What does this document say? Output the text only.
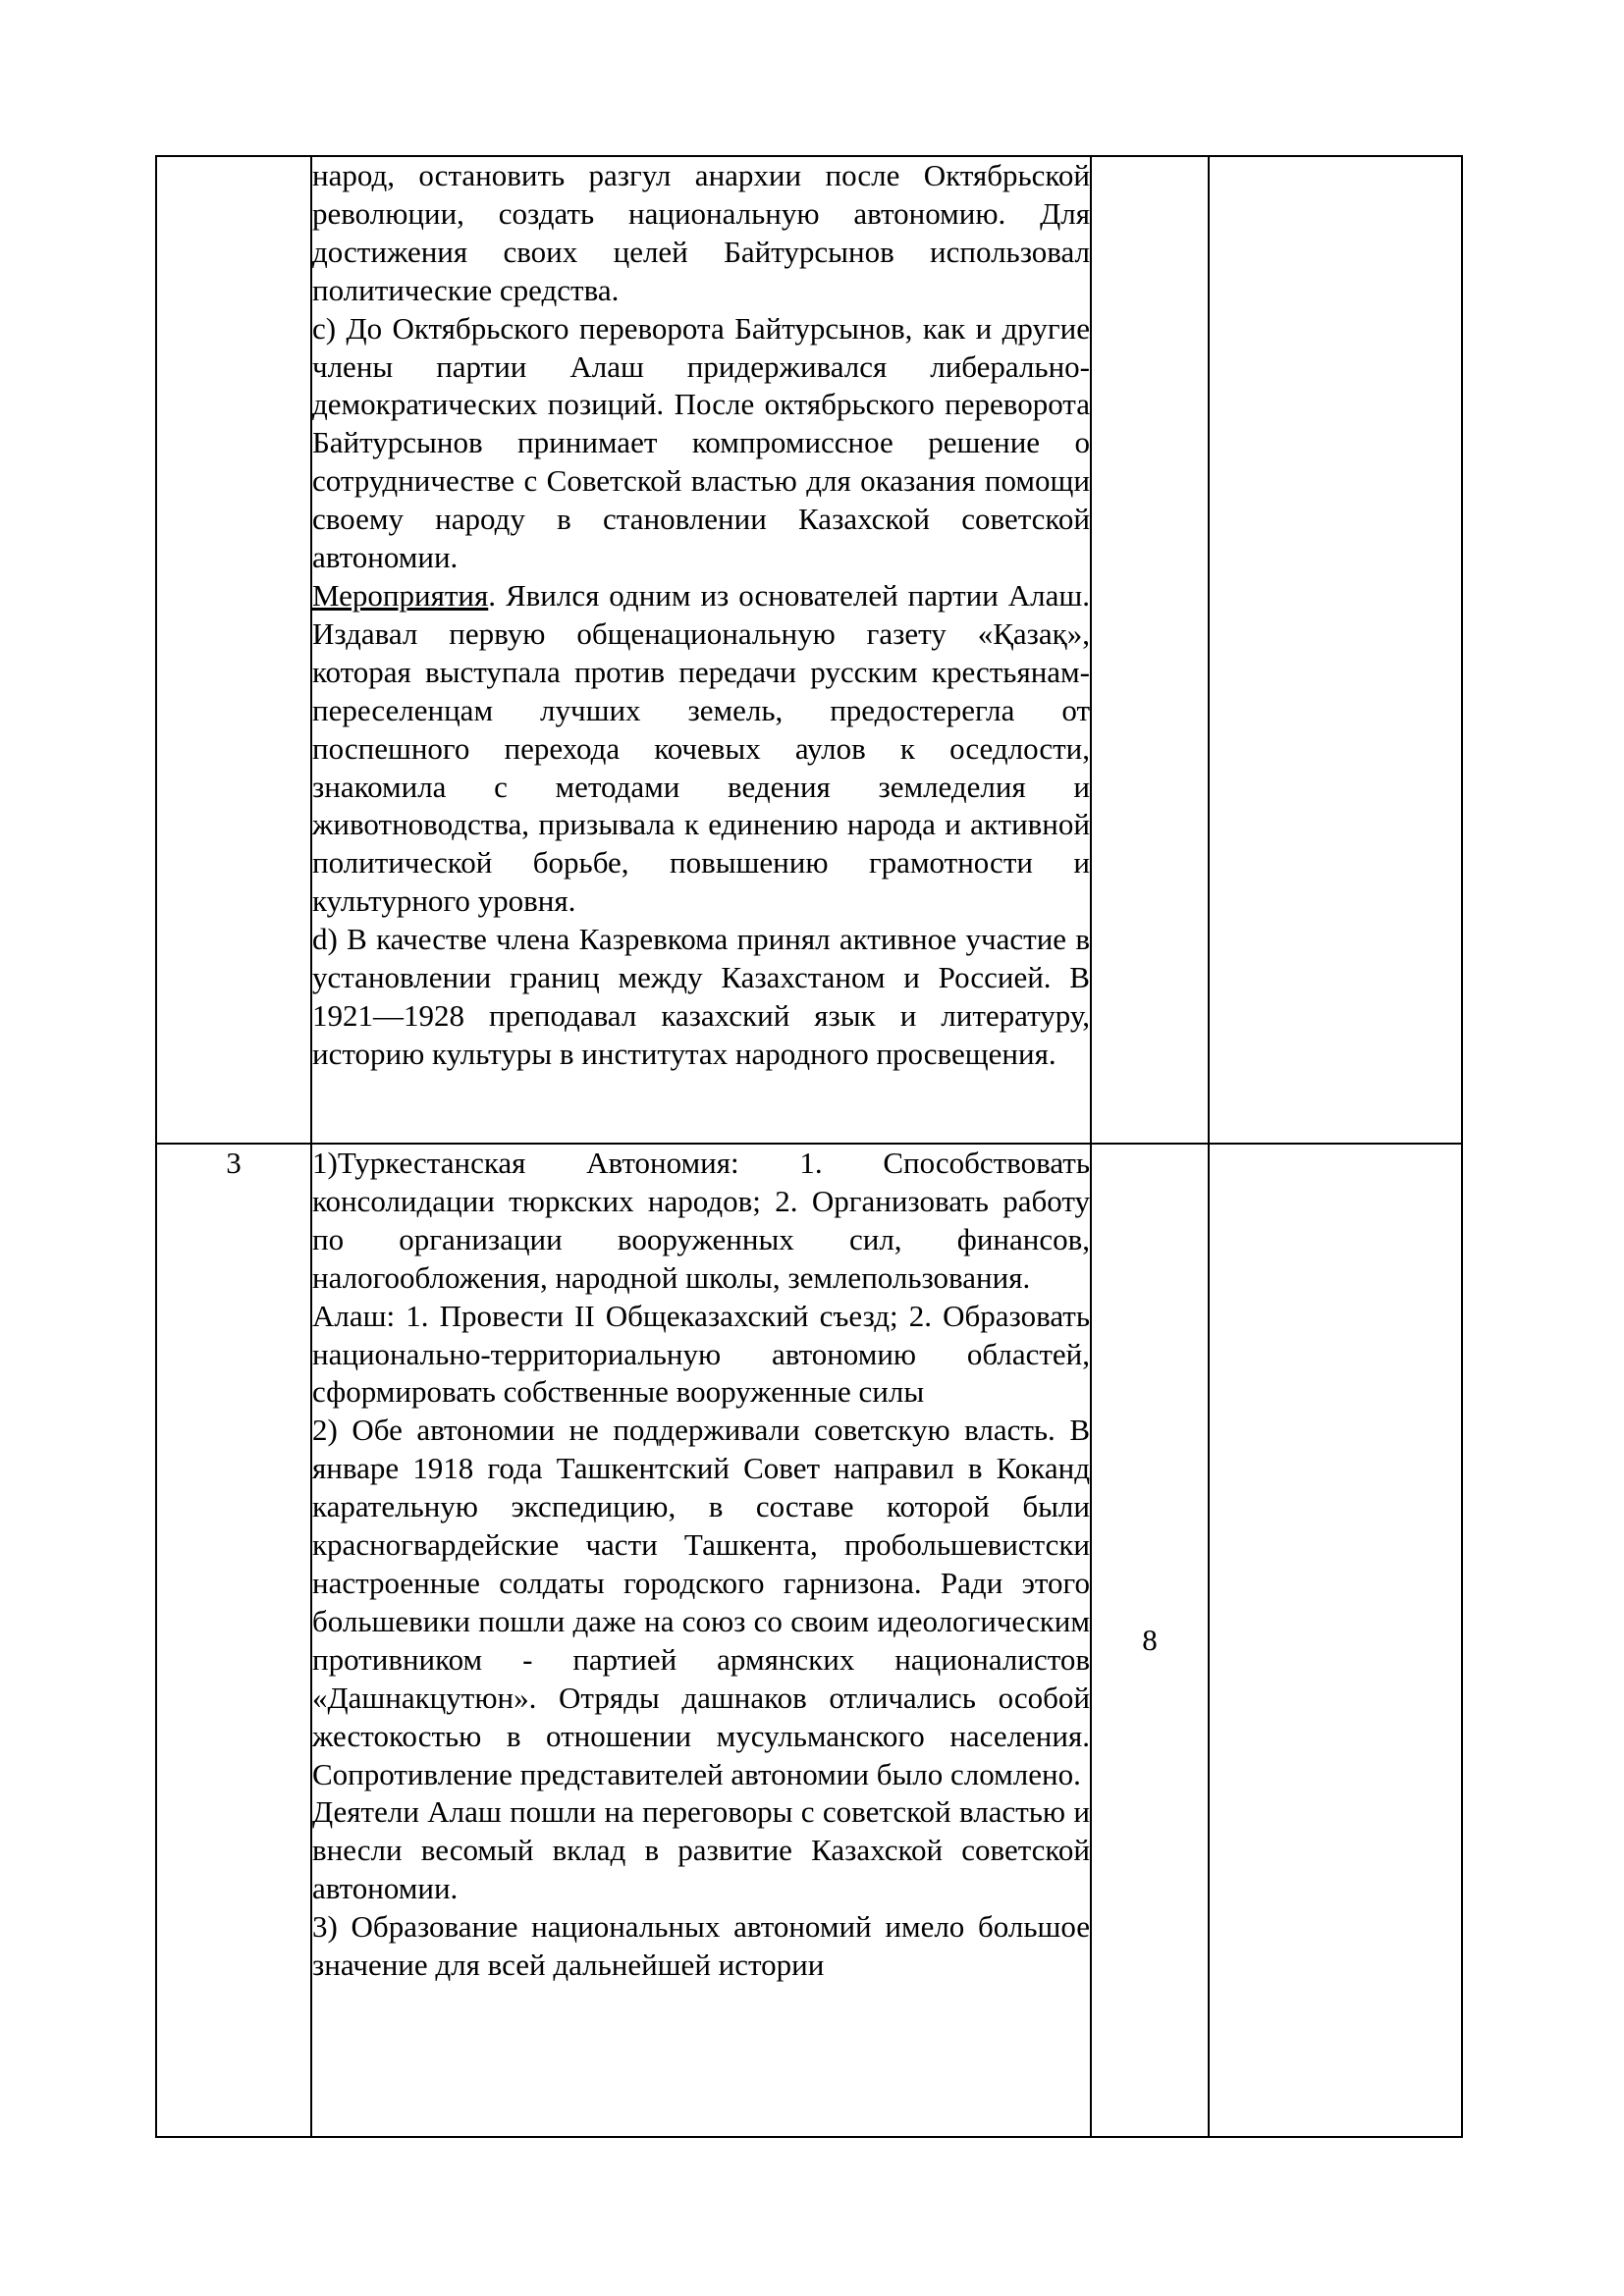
	народ, остановить разгул анархии после Октябрьской революции, создать национальную автономию. Для достижения своих целей Байтурсынов использовал политические средства.

c) До Октябрьского переворота Байтурсынов, как и другие члены партии Алаш придерживался либерально-демократических позиций. После октябрьского переворота Байтурсынов принимает компромиссное решение о сотрудничестве с Советской властью для оказания помощи своему народу в становлении Казахской советской автономии.

Мероприятия. Явился одним из основателей партии Алаш. Издавал первую общенациональную газету «Қазақ», которая выступала против передачи русским крестьянам-переселенцам лучших земель, предостерегла от поспешного перехода кочевых аулов к оседлости, знакомила с методами ведения земледелия и животноводства, призывала к единению народа и активной политической борьбе, повышению грамотности и культурного уровня.

d) В качестве члена Казревкома принял активное участие в установлении границ между Казахстаном и Россией. В 1921—1928 преподавал казахский язык и литературу, историю культуры в институтах народного просвещения.		

3	1)Туркестанская Автономия: 1. Способствовать консолидации тюркских народов; 2. Организовать работу по организации вооруженных сил, финансов, налогообложения, народной школы, землепользования.

Алаш: 1. Провести II Общеказахский съезд; 2. Образовать национально-территориальную автономию областей, сформировать собственные вооруженные силы

2) Обе автономии не поддерживали советскую власть. В январе 1918 года Ташкентский Совет направил в Коканд карательную экспедицию, в составе которой были красногвардейские части Ташкента, пробольшевистски настроенные солдаты городского гарнизона. Ради этого большевики пошли даже на союз со своим идеологическим противником - партией армянских националистов «Дашнакцутюн». Отряды дашнаков отличались особой жестокостью в отношении мусульманского населения. Сопротивление представителей автономии было сломлено.

Деятели Алаш пошли на переговоры с советской властью и внесли весомый вклад в развитие Казахской советской автономии.

3) Образование национальных автономий имело большое значение для всей дальнейшей истории	8	
